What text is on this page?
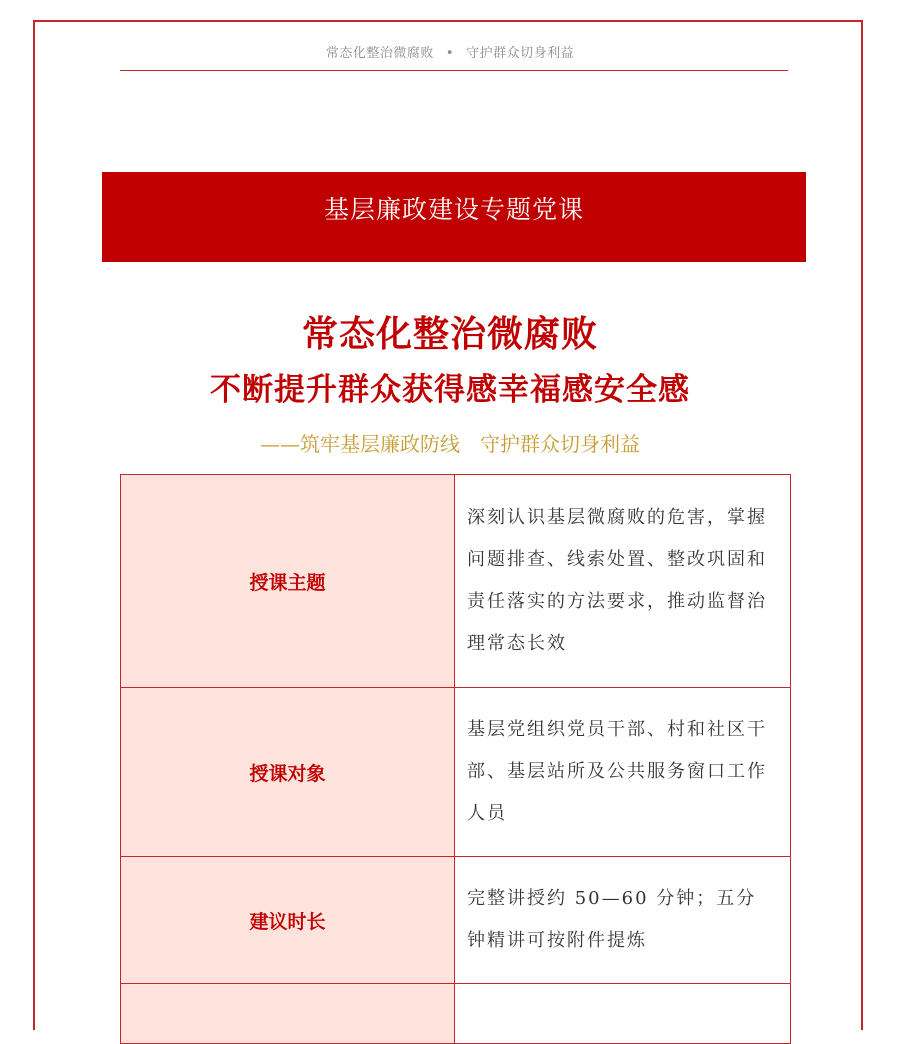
常态化整治微腐败 • 守护群众切身利益
基层廉政建设专题党课
常态化整治微腐败
不断提升群众获得感幸福感安全感
——筑牢基层廉政防线　守护群众切身利益
授课主题	深刻认识基层微腐败的危害，掌握问题排查、线索处置、整改巩固和责任落实的方法要求，推动监督治理常态长效
授课对象	基层党组织党员干部、村和社区干部、基层站所及公共服务窗口工作人员
建议时长	完整讲授约 50—60 分钟；五分钟精讲可按附件提炼
